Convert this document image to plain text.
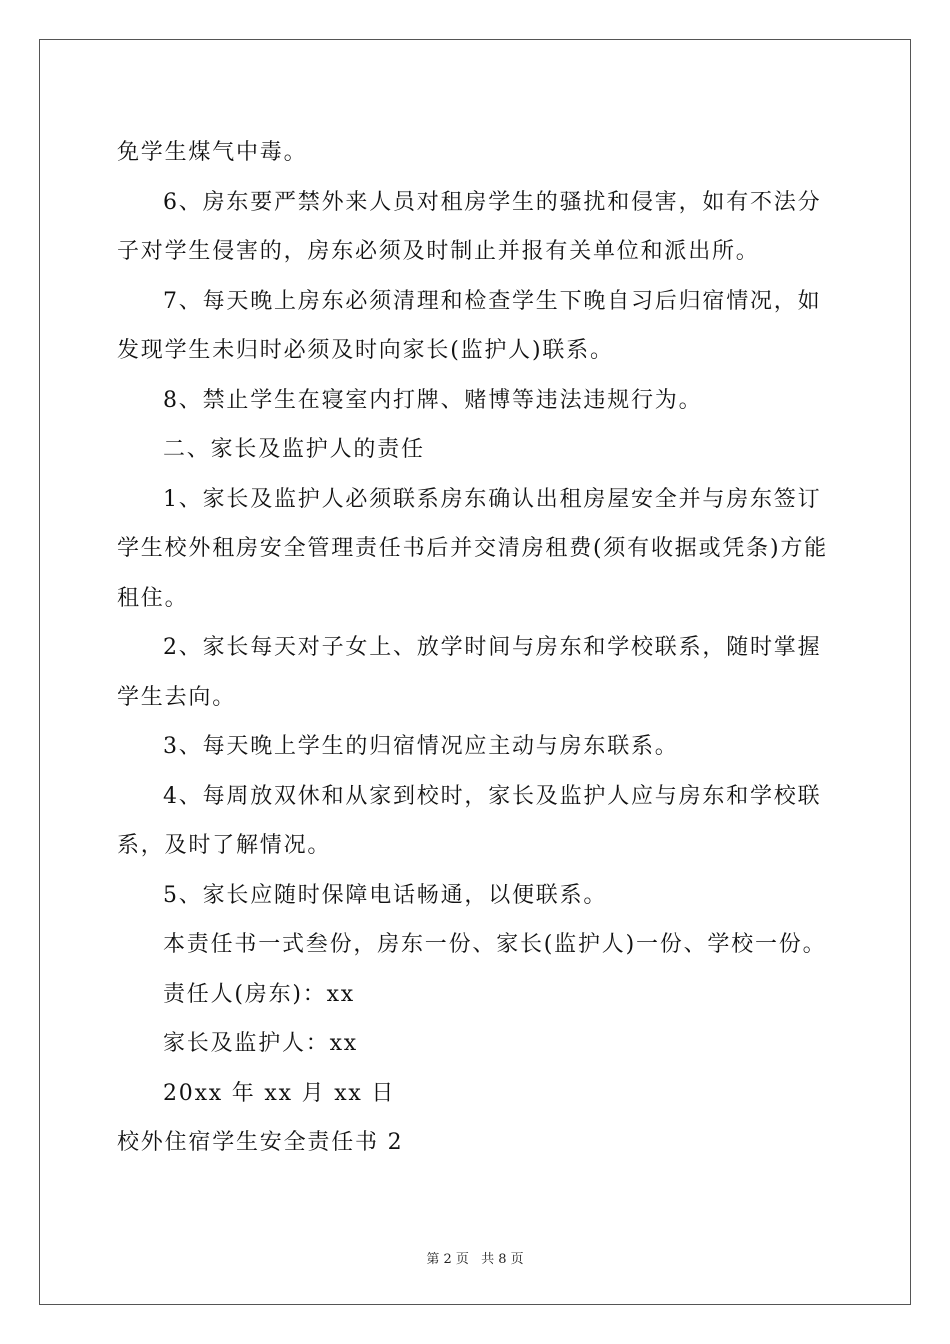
免学生煤气中毒。

6、房东要严禁外来人员对租房学生的骚扰和侵害，如有不法分

子对学生侵害的，房东必须及时制止并报有关单位和派出所。

7、每天晚上房东必须清理和检查学生下晚自习后归宿情况，如

发现学生未归时必须及时向家长(监护人)联系。

8、禁止学生在寝室内打牌、赌博等违法违规行为。

二、家长及监护人的责任

1、家长及监护人必须联系房东确认出租房屋安全并与房东签订

学生校外租房安全管理责任书后并交清房租费(须有收据或凭条)方能

租住。

2、家长每天对子女上、放学时间与房东和学校联系，随时掌握

学生去向。

3、每天晚上学生的归宿情况应主动与房东联系。

4、每周放双休和从家到校时，家长及监护人应与房东和学校联

系，及时了解情况。

5、家长应随时保障电话畅通，以便联系。

本责任书一式叁份，房东一份、家长(监护人)一份、学校一份。

责任人(房东)：xx

家长及监护人：xx

20xx 年 xx 月 xx 日

校外住宿学生安全责任书 2

第 2 页 共 8 页
